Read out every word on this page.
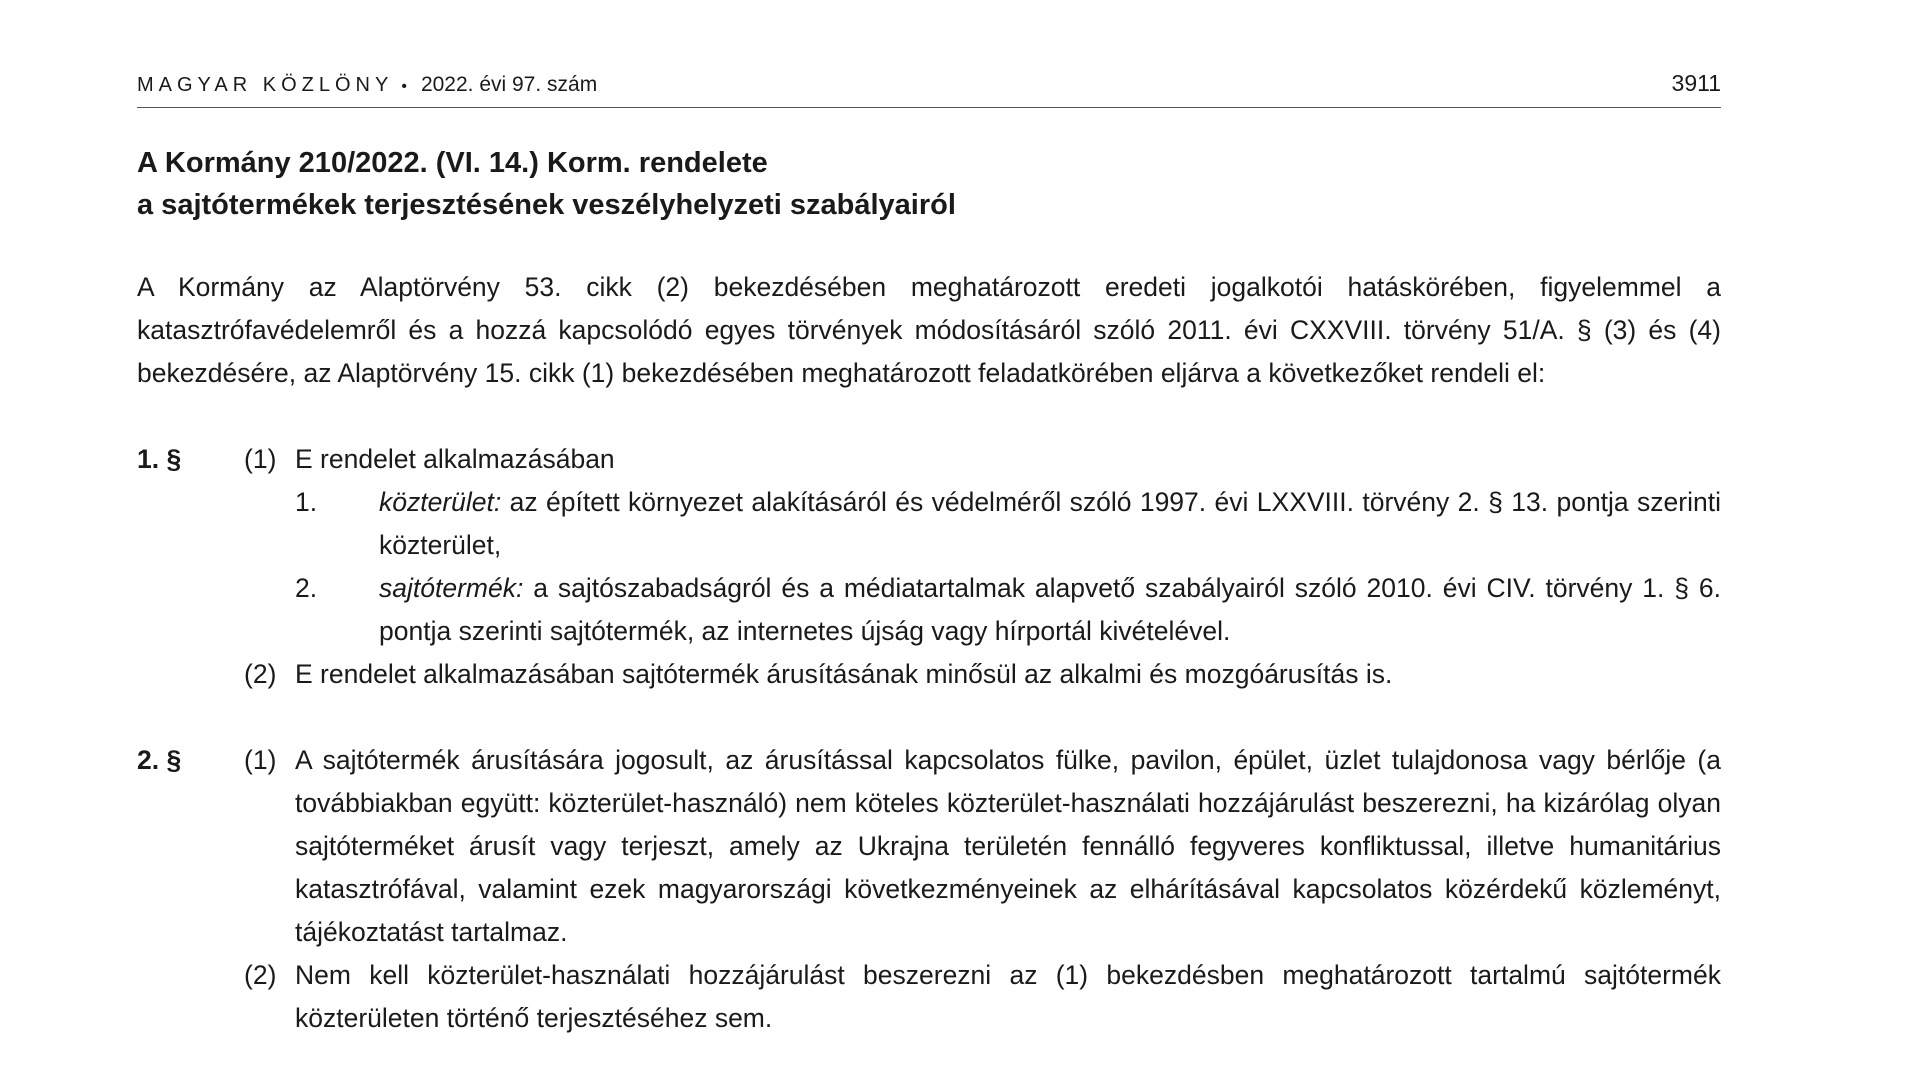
MAGYAR KÖZLÖNY • 2022. évi 97. szám	3911
A Kormány 210/2022. (VI. 14.) Korm. rendelete
a sajtótermékek terjesztésének veszélyhelyzeti szabályairól
A Kormány az Alaptörvény 53. cikk (2) bekezdésében meghatározott eredeti jogalkotói hatáskörében, figyelemmel a katasztrófavédelemről és a hozzá kapcsolódó egyes törvények módosításáról szóló 2011. évi CXXVIII. törvény 51/A. § (3) és (4) bekezdésére, az Alaptörvény 15. cikk (1) bekezdésében meghatározott feladatkörében eljárva a következőket rendeli el:
1. § (1) E rendelet alkalmazásában
1. közterület: az épített környezet alakításáról és védelméről szóló 1997. évi LXXVIII. törvény 2. § 13. pontja szerinti közterület,
2. sajtótermék: a sajtószabadságról és a médiatartalmak alapvető szabályairól szóló 2010. évi CIV. törvény 1. § 6. pontja szerinti sajtótermék, az internetes újság vagy hírportál kivételével.
(2) E rendelet alkalmazásában sajtótermék árusításának minősül az alkalmi és mozgóárusítás is.
2. § (1) A sajtótermék árusítására jogosult, az árusítással kapcsolatos fülke, pavilon, épület, üzlet tulajdonosa vagy bérlője (a továbbiakban együtt: közterület-használó) nem köteles közterület-használati hozzájárulást beszerezni, ha kizárólag olyan sajtóterméket árusít vagy terjeszt, amely az Ukrajna területén fennálló fegyveres konfliktussal, illetve humanitárius katasztrófával, valamint ezek magyarországi következményeinek az elhárításával kapcsolatos közérdekű közleményt, tájékoztatást tartalmaz.
(2) Nem kell közterület-használati hozzájárulást beszerezni az (1) bekezdésben meghatározott tartalmú sajtótermék közterületen történő terjesztéséhez sem.
